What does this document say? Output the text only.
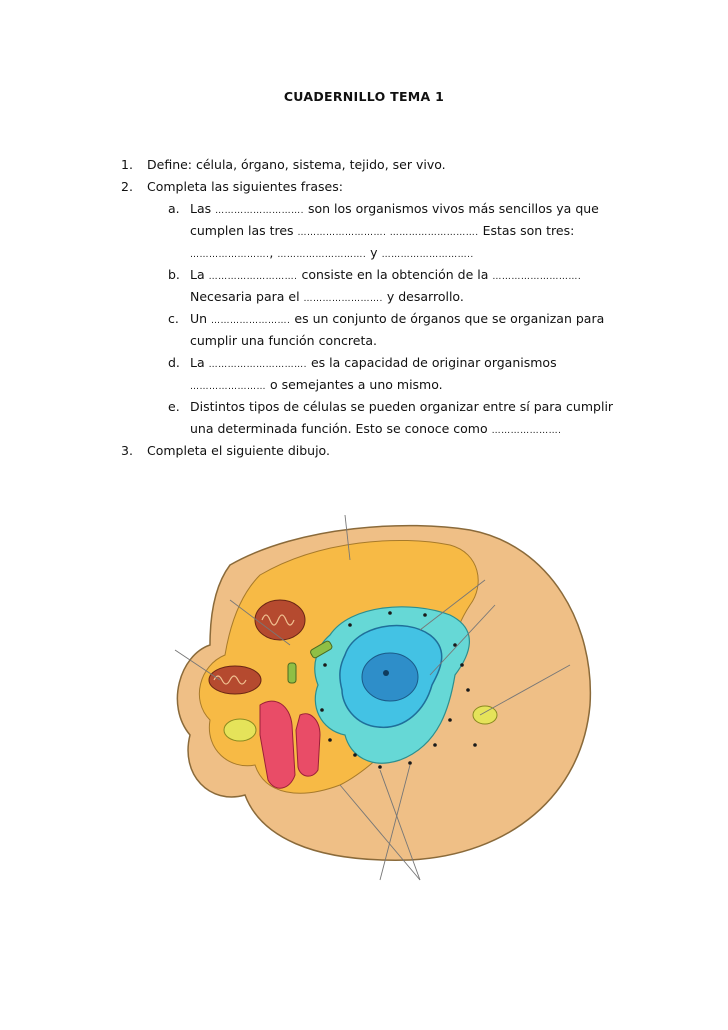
CUADERNILLO TEMA 1
1. Define: célula, órgano, sistema, tejido, ser vivo.
2. Completa las siguientes frases:
a. Las ………………………. son los organismos vivos más sencillos ya que
cumplen las tres ………………………. ………………………. Estas son tres:
……………………., ………………………. y ………………………..
b. La ………………………. consiste en la obtención de la ……………………….
Necesaria para el ……………………. y desarrollo.
c. Un ……………………. es un conjunto de órganos que se organizan para
cumplir una función concreta.
d. La …………………………. es la capacidad de originar organismos
…………………… o semejantes a uno mismo.
e. Distintos tipos de células se pueden organizar entre sí para cumplir
una determinada función. Esto se conoce como ………………….
3. Completa el siguiente dibujo.
